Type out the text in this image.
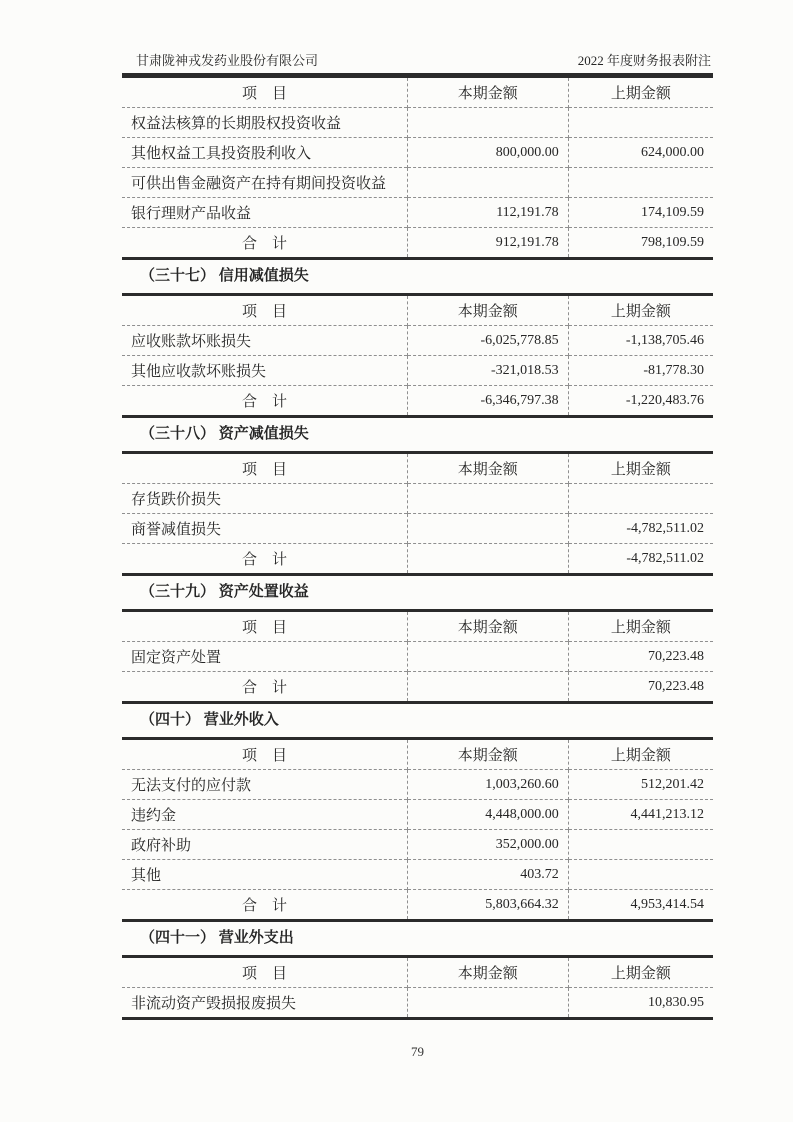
甘肃陇神戎发药业股份有限公司	2022 年度财务报表附注
项　目	本期金额	上期金额
权益法核算的长期股权投资收益		
其他权益工具投资股利收入	800,000.00	624,000.00
可供出售金融资产在持有期间投资收益		
银行理财产品收益	112,191.78	174,109.59
合　计	912,191.78	798,109.59
（三十七） 信用减值损失
项　目	本期金额	上期金额
应收账款坏账损失	-6,025,778.85	-1,138,705.46
其他应收款坏账损失	-321,018.53	-81,778.30
合　计	-6,346,797.38	-1,220,483.76
（三十八） 资产减值损失
项　目	本期金额	上期金额
存货跌价损失		
商誉减值损失		-4,782,511.02
合　计		-4,782,511.02
（三十九） 资产处置收益
项　目	本期金额	上期金额
固定资产处置		70,223.48
合　计		70,223.48
（四十） 营业外收入
项　目	本期金额	上期金额
无法支付的应付款	1,003,260.60	512,201.42
违约金	4,448,000.00	4,441,213.12
政府补助	352,000.00	
其他	403.72	
合　计	5,803,664.32	4,953,414.54
（四十一） 营业外支出
项　目	本期金额	上期金额
非流动资产毁损报废损失		10,830.95
79
